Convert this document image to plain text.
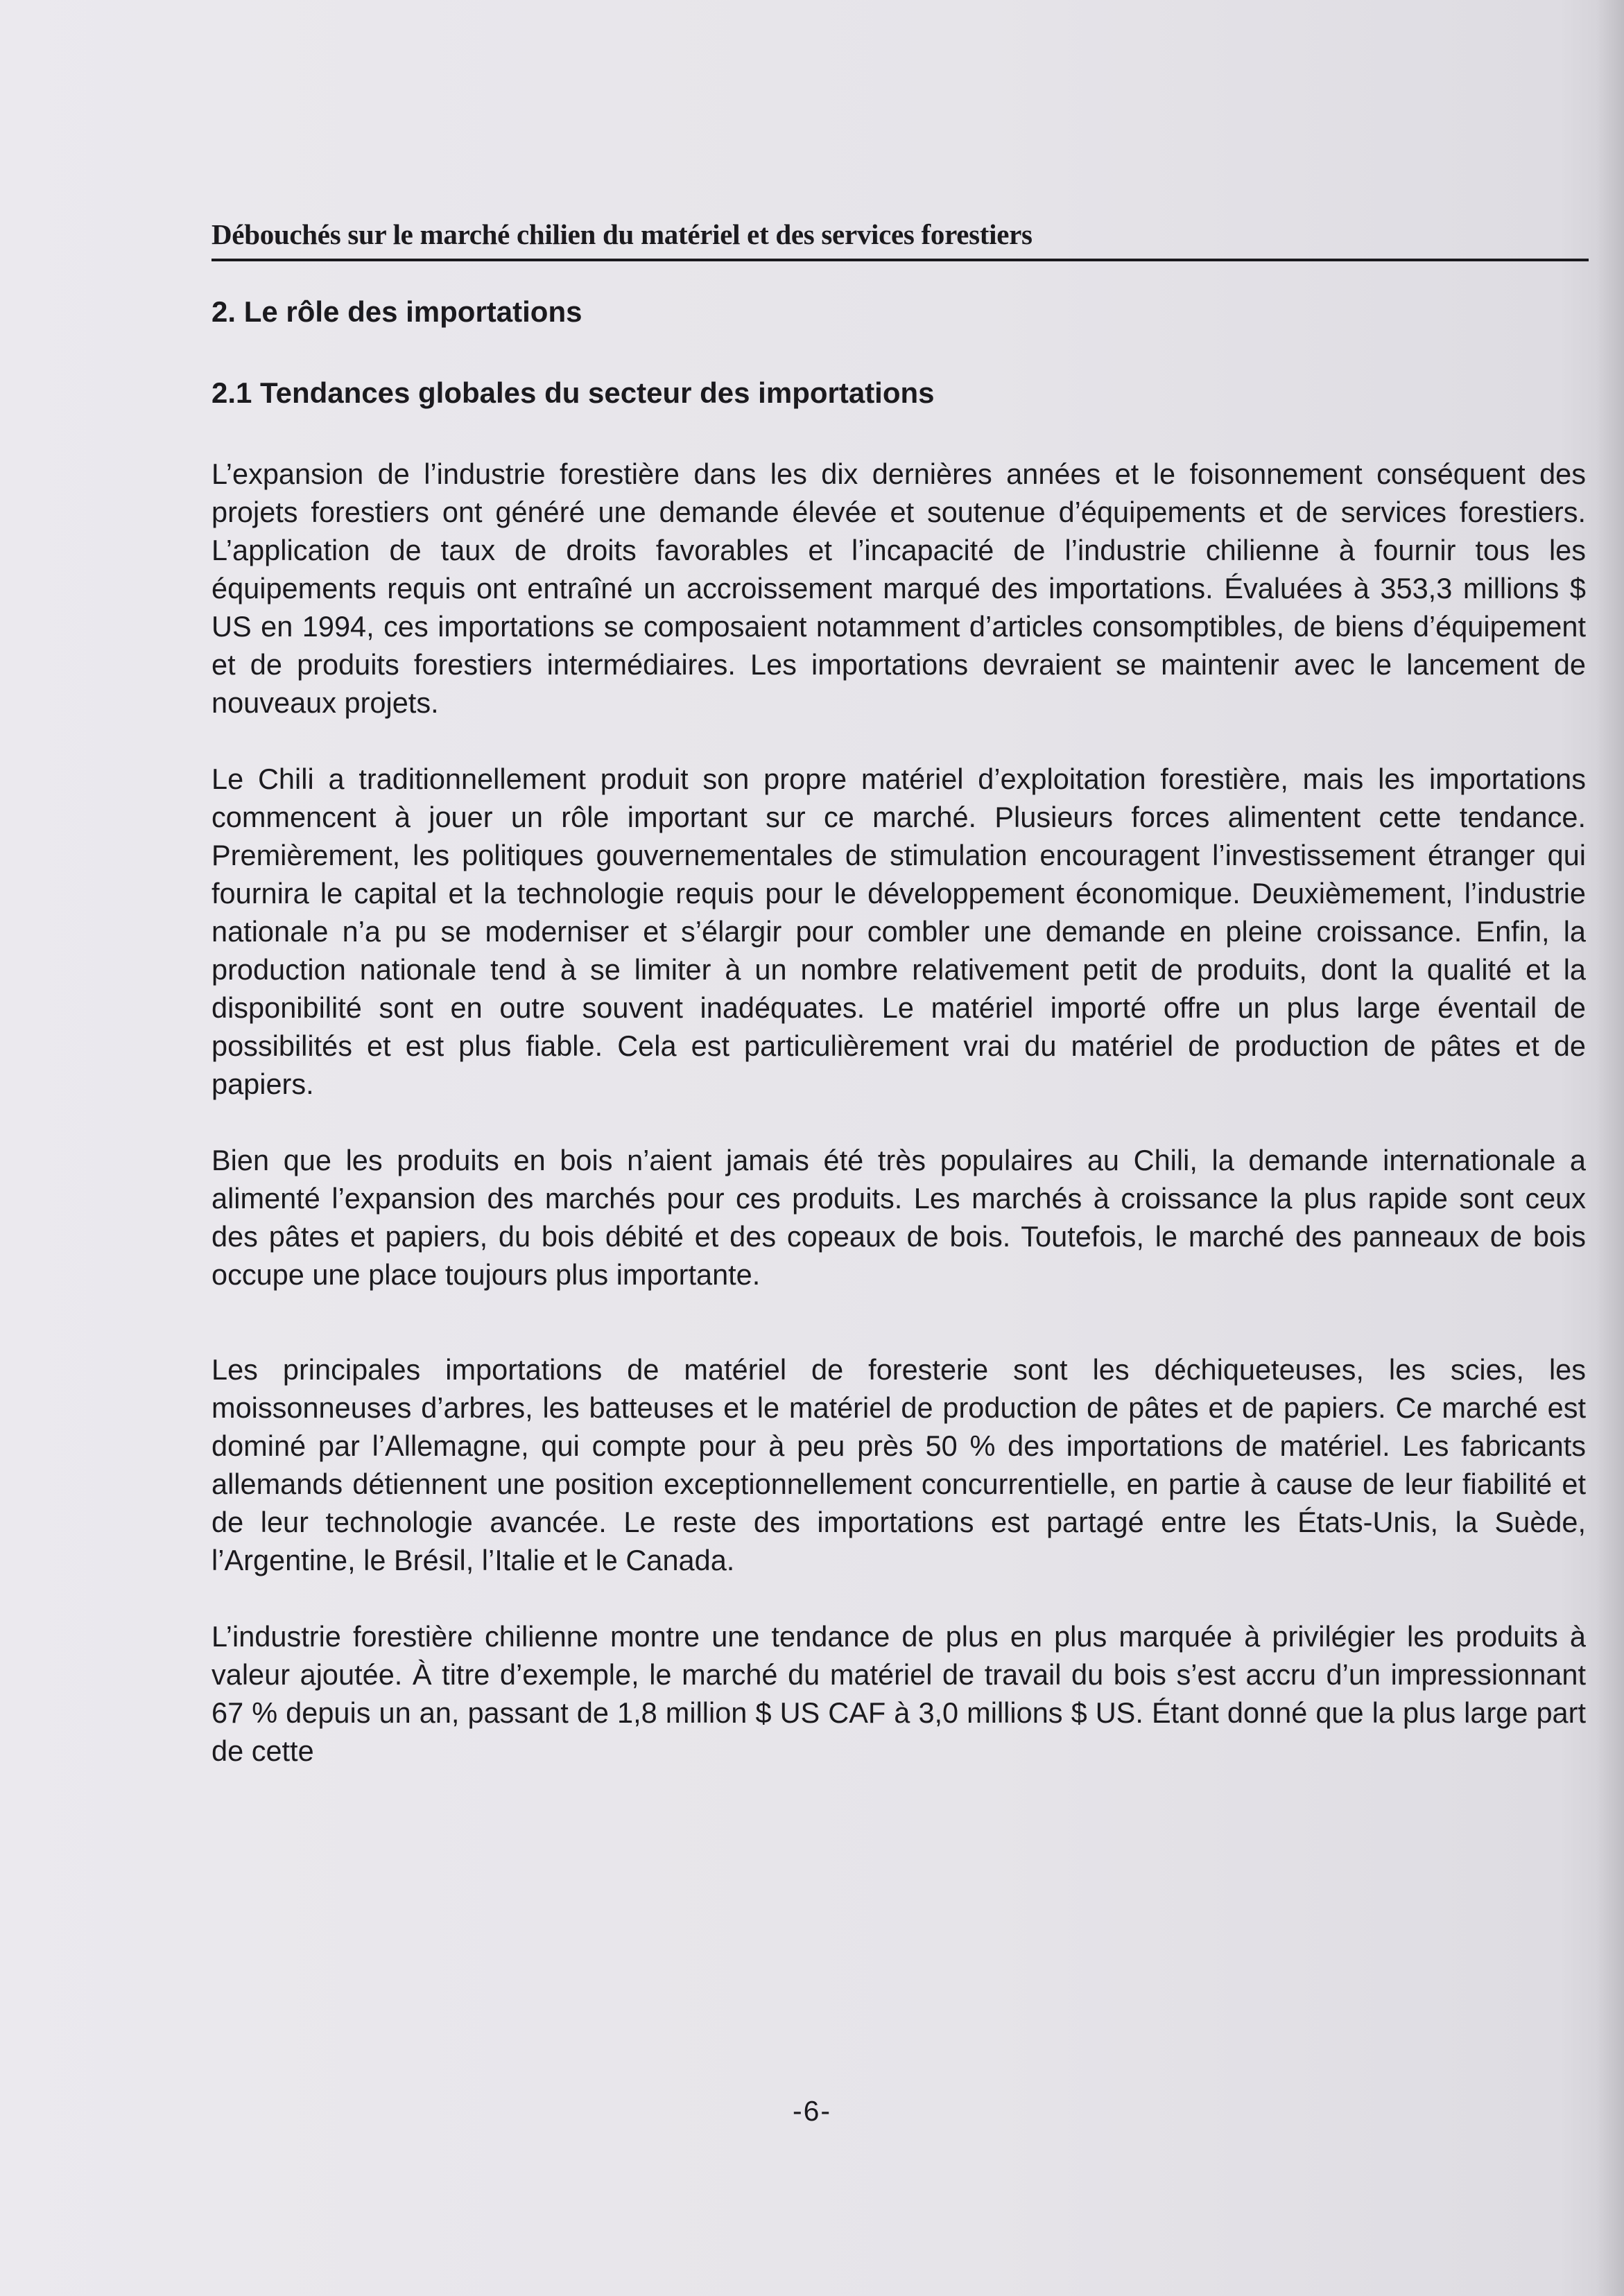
Débouchés sur le marché chilien du matériel et des services forestiers
2. Le rôle des importations
2.1 Tendances globales du secteur des importations

L’expansion de l’industrie forestière dans les dix dernières années et le foisonnement conséquent des projets forestiers ont généré une demande élevée et soutenue d’équipements et de services forestiers. L’application de taux de droits favorables et l’incapacité de l’industrie chilienne à fournir tous les équipements requis ont entraîné un accroissement marqué des importations. Évaluées à 353,3 millions $ US en 1994, ces importations se composaient notamment d’articles consomptibles, de biens d’équipement et de produits forestiers intermédiaires. Les importations devraient se maintenir avec le lancement de nouveaux projets.

Le Chili a traditionnellement produit son propre matériel d’exploitation forestière, mais les importations commencent à jouer un rôle important sur ce marché. Plusieurs forces alimentent cette tendance. Premièrement, les politiques gouvernementales de stimulation encouragent l’investissement étranger qui fournira le capital et la technologie requis pour le développement économique. Deuxièmement, l’industrie nationale n’a pu se moderniser et s’élargir pour combler une demande en pleine croissance. Enfin, la production nationale tend à se limiter à un nombre relativement petit de produits, dont la qualité et la disponibilité sont en outre souvent inadéquates. Le matériel importé offre un plus large éventail de possibilités et est plus fiable. Cela est particulièrement vrai du matériel de production de pâtes et de papiers.

Bien que les produits en bois n’aient jamais été très populaires au Chili, la demande internationale a alimenté l’expansion des marchés pour ces produits. Les marchés à croissance la plus rapide sont ceux des pâtes et papiers, du bois débité et des copeaux de bois. Toutefois, le marché des panneaux de bois occupe une place toujours plus importante.

Les principales importations de matériel de foresterie sont les déchiqueteuses, les scies, les moissonneuses d’arbres, les batteuses et le matériel de production de pâtes et de papiers. Ce marché est dominé par l’Allemagne, qui compte pour à peu près 50 % des importations de matériel. Les fabricants allemands détiennent une position exceptionnellement concurrentielle, en partie à cause de leur fiabilité et de leur technologie avancée. Le reste des importations est partagé entre les États-Unis, la Suède, l’Argentine, le Brésil, l’Italie et le Canada.

L’industrie forestière chilienne montre une tendance de plus en plus marquée à privilégier les produits à valeur ajoutée. À titre d’exemple, le marché du matériel de travail du bois s’est accru d’un impressionnant 67 % depuis un an, passant de 1,8 million $ US CAF à 3,0 millions $ US. Étant donné que la plus large part de cette

-6-
